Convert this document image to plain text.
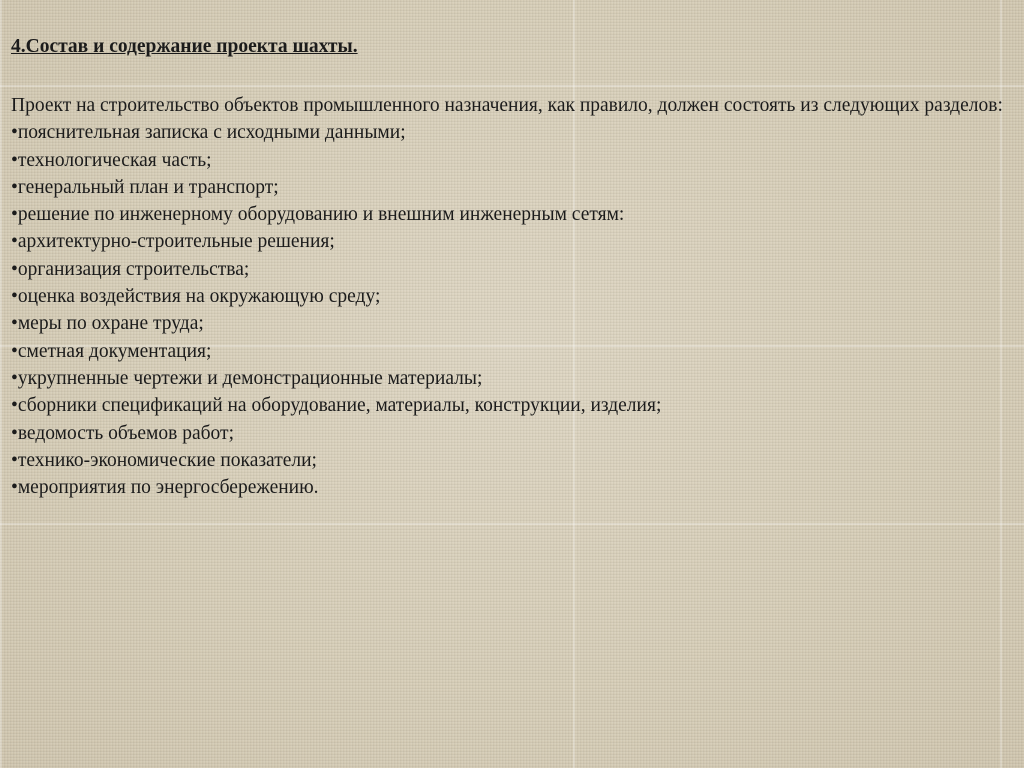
4.Состав и содержание проекта шахты.

Проект на строительство объектов промышленного назначения, как правило, должен состоять из следующих разделов:

•пояснительная записка с исходными данными;
•технологическая часть;
•генеральный план и транспорт;
•решение по инженерному оборудованию и внешним инженерным сетям:
•архитектурно-строительные решения;
•организация строительства;
•оценка воздействия на окружающую среду;
•меры по охране труда;
•сметная документация;
•укрупненные чертежи и демонстрационные материалы;
•сборники спецификаций на оборудование, материалы, конструкции, изделия;
•ведомость объемов работ;
•технико-экономические показатели;
•мероприятия по энергосбережению.
